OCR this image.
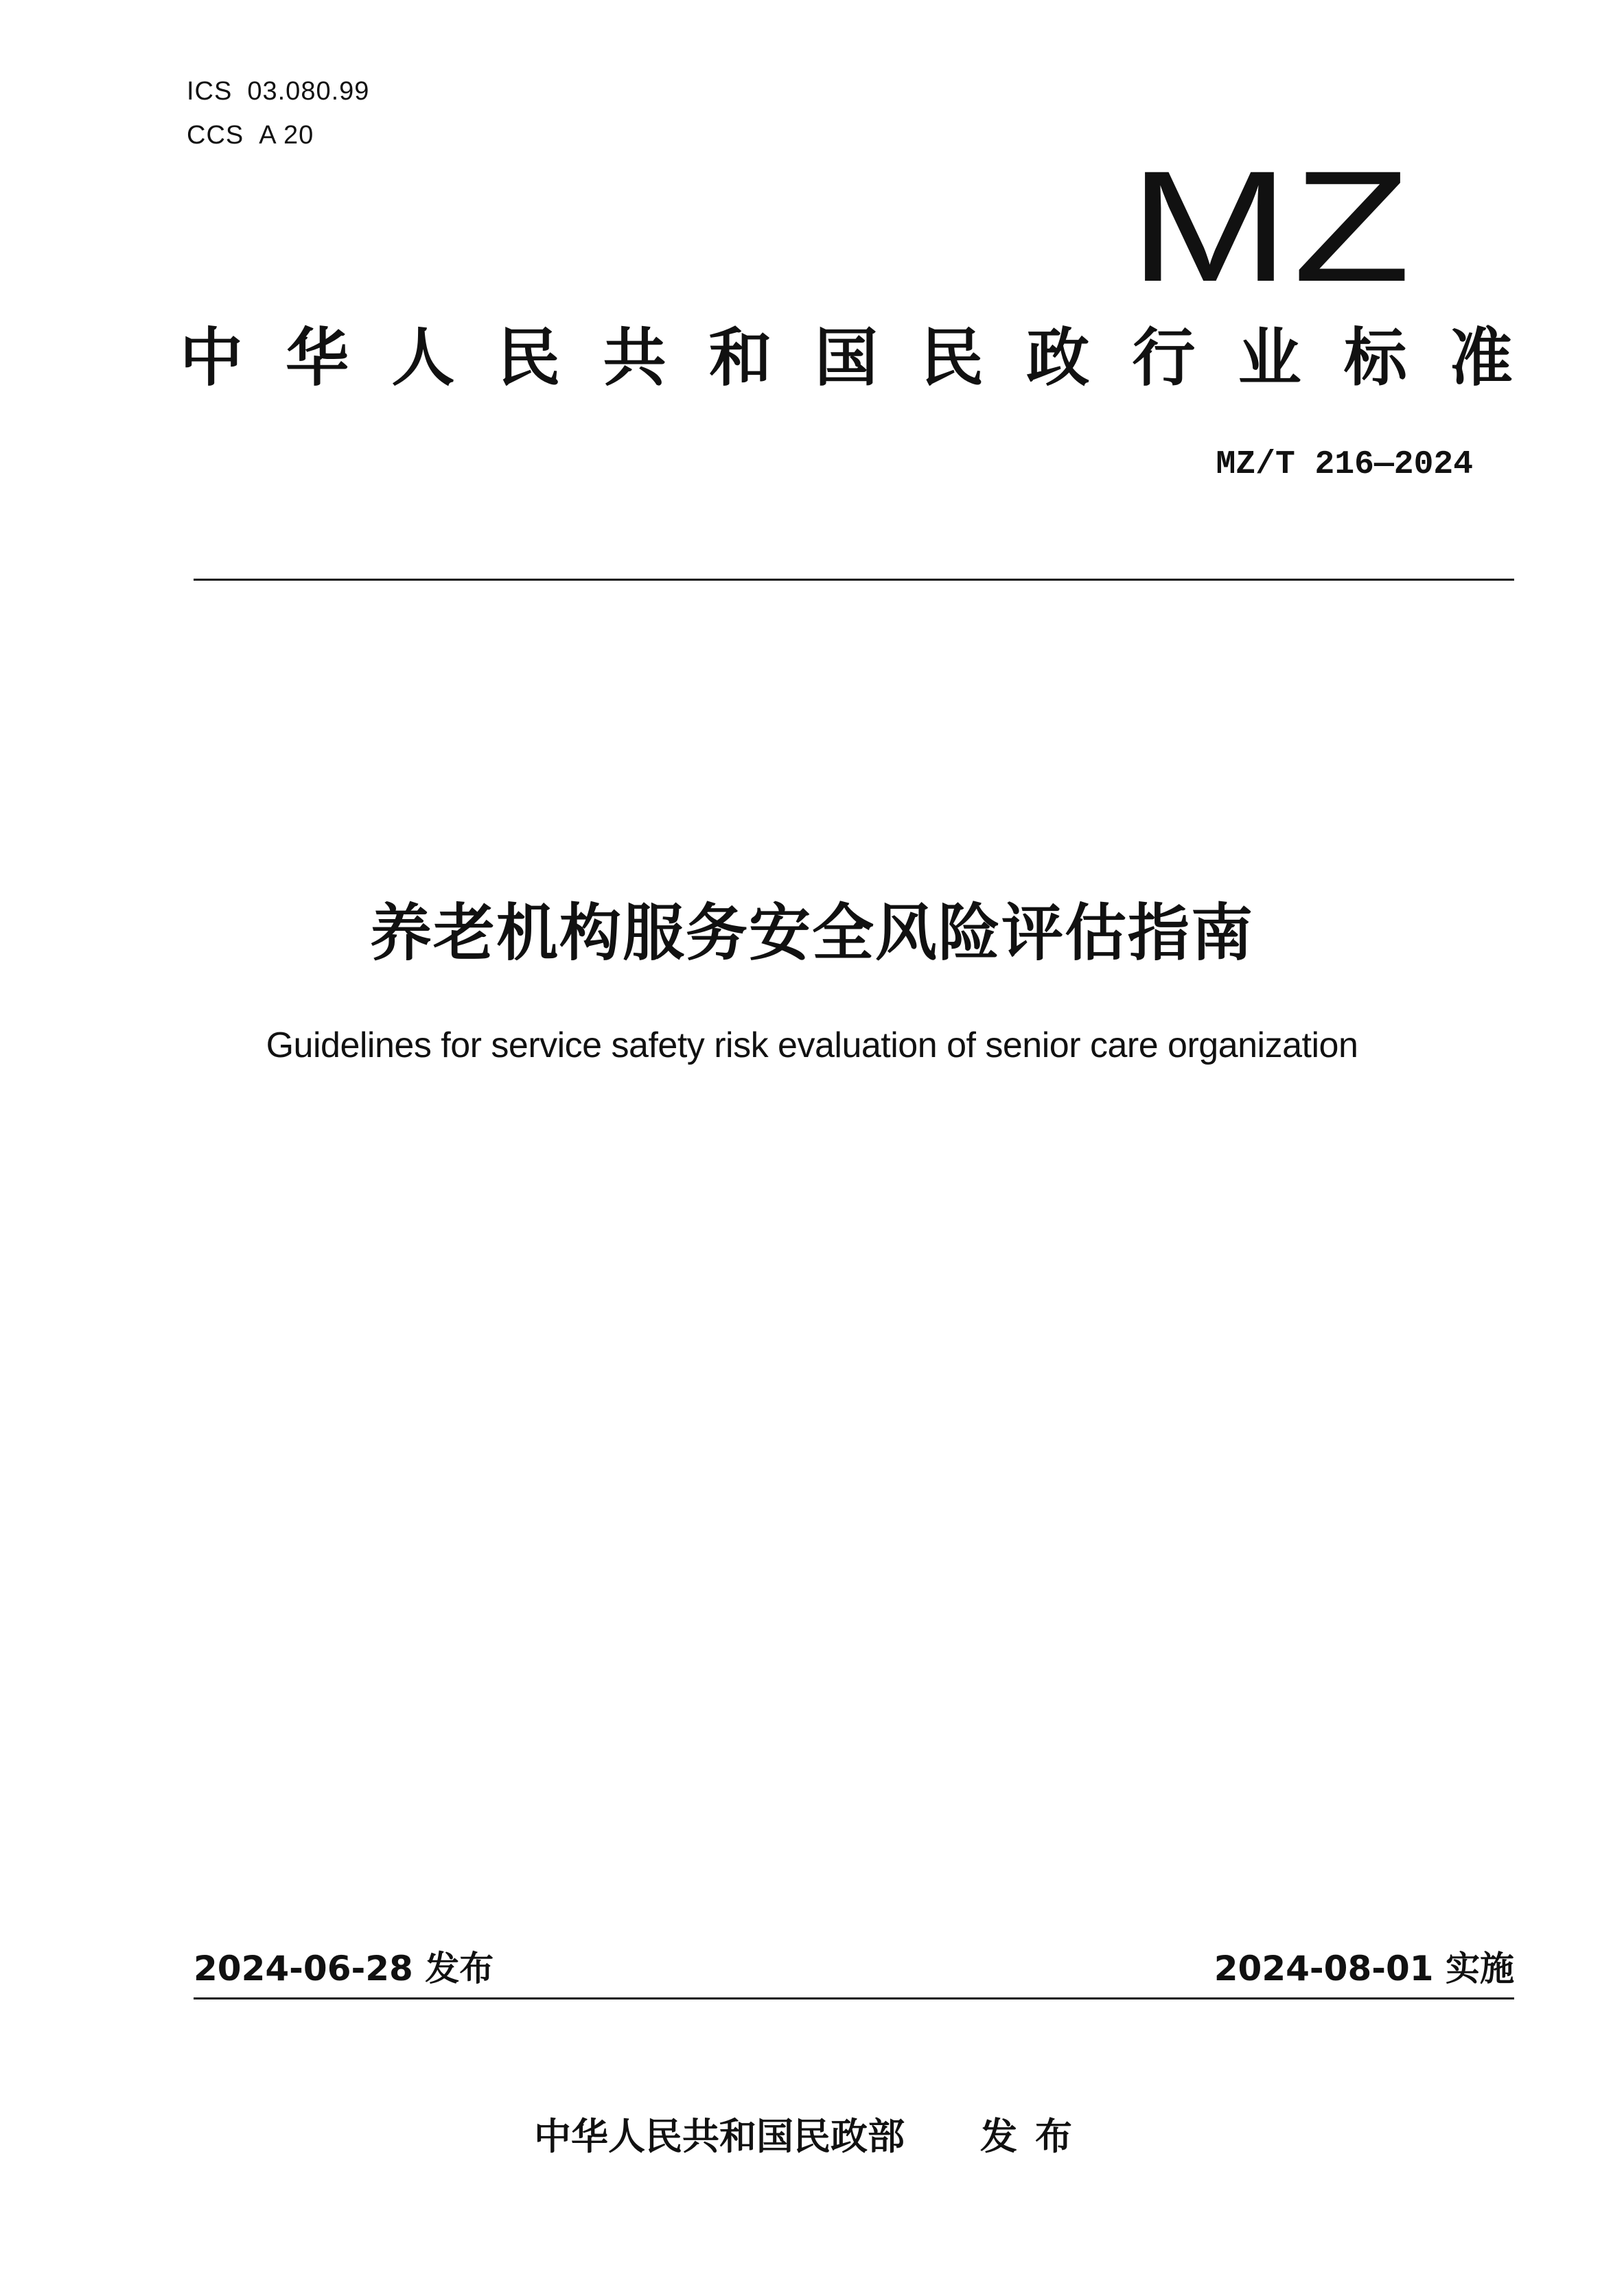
ICS 03.080.99
CCS A 20
MZ
中 华 人 民 共 和 国 民 政 行 业 标 准
MZ/T 216—2024
养老机构服务安全风险评估指南
Guidelines for service safety risk evaluation of senior care organization
2024-06-28 发布	2024-08-01 实施
中华人民共和国民政部 发布
